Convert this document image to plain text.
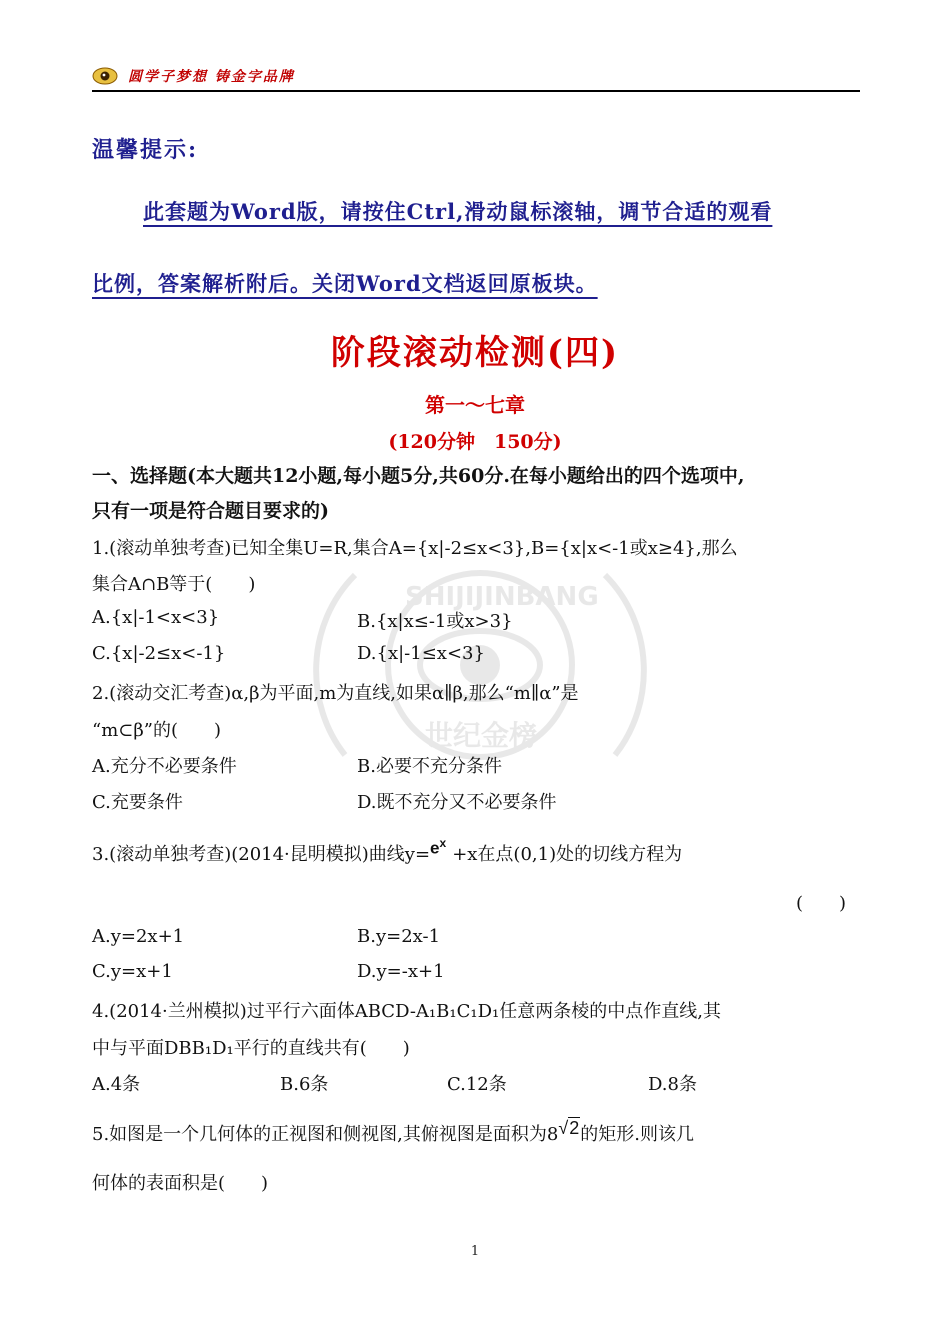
圆学子梦想 铸金字品牌
温馨提示:
此套题为Word版，请按住Ctrl,滑动鼠标滚轴，调节合适的观看
比例，答案解析附后。关闭Word文档返回原板块。
阶段滚动检测(四)
第一～七章
(120分钟　150分)
SHIJIJINBANG
世纪金榜
一、选择题(本大题共12小题,每小题5分,共60分.在每小题给出的四个选项中,
只有一项是符合题目要求的)
1.(滚动单独考查)已知全集U=R,集合A={x|-2≤x<3},B={x|x<-1或x≥4},那么
集合A∩B等于(　　)
A.{x|-1<x<3}	B.{x|x≤-1或x>3}
C.{x|-2≤x<-1}	D.{x|-1≤x<3}
2.(滚动交汇考查)α,β为平面,m为直线,如果α∥β,那么“m∥α”是
“m⊂β”的(　　)
A.充分不必要条件	B.必要不充分条件
C.充要条件	D.既不充分又不必要条件
3.(滚动单独考查)(2014·昆明模拟)曲线$y=e^x+x$在点(0,1)处的切线方程为
(　　)
A.y=2x+1	B.y=2x-1
C.y=x+1	D.y=-x+1
4.(2014·兰州模拟)过平行六面体ABCD-A₁B₁C₁D₁任意两条棱的中点作直线,其
中与平面DBB₁D₁平行的直线共有(　　)
A.4条	B.6条	C.12条	D.8条
5.如图是一个几何体的正视图和侧视图,其俯视图是面积为8√2的矩形.则该几
何体的表面积是(　　)
1
